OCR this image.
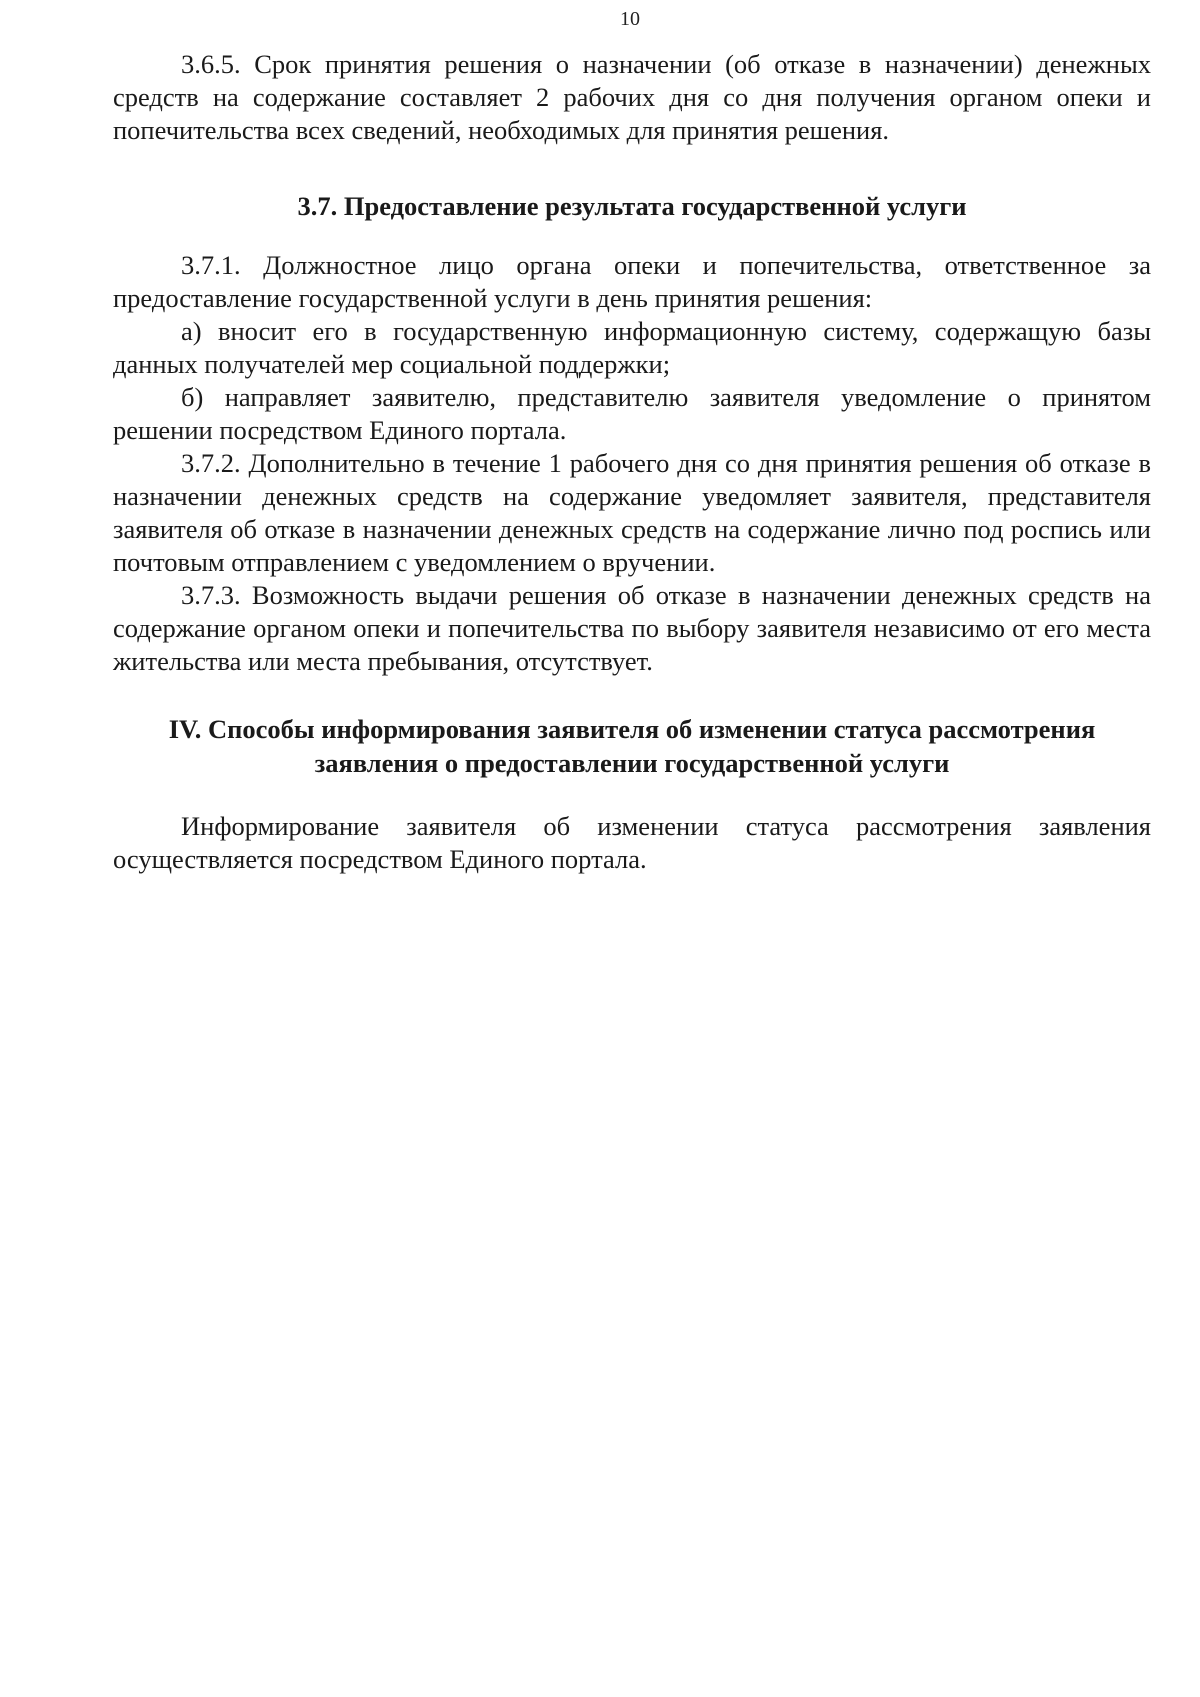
10

3.6.5. Срок принятия решения о назначении (об отказе в назначении) денежных средств на содержание составляет 2 рабочих дня со дня получения органом опеки и попечительства всех сведений, необходимых для принятия решения.

3.7. Предоставление результата государственной услуги

3.7.1. Должностное лицо органа опеки и попечительства, ответственное за предоставление государственной услуги в день принятия решения:

а) вносит его в государственную информационную систему, содержащую базы данных получателей мер социальной поддержки;

б) направляет заявителю, представителю заявителя уведомление о принятом решении посредством Единого портала.

3.7.2. Дополнительно в течение 1 рабочего дня со дня принятия решения об отказе в назначении денежных средств на содержание уведомляет заявителя, представителя заявителя об отказе в назначении денежных средств на содержание лично под роспись или почтовым отправлением с уведомлением о вручении.

3.7.3. Возможность выдачи решения об отказе в назначении денежных средств на содержание органом опеки и попечительства по выбору заявителя независимо от его места жительства или места пребывания, отсутствует.

IV. Способы информирования заявителя об изменении статуса рассмотрения заявления о предоставлении государственной услуги

Информирование заявителя об изменении статуса рассмотрения заявления осуществляется посредством Единого портала.
